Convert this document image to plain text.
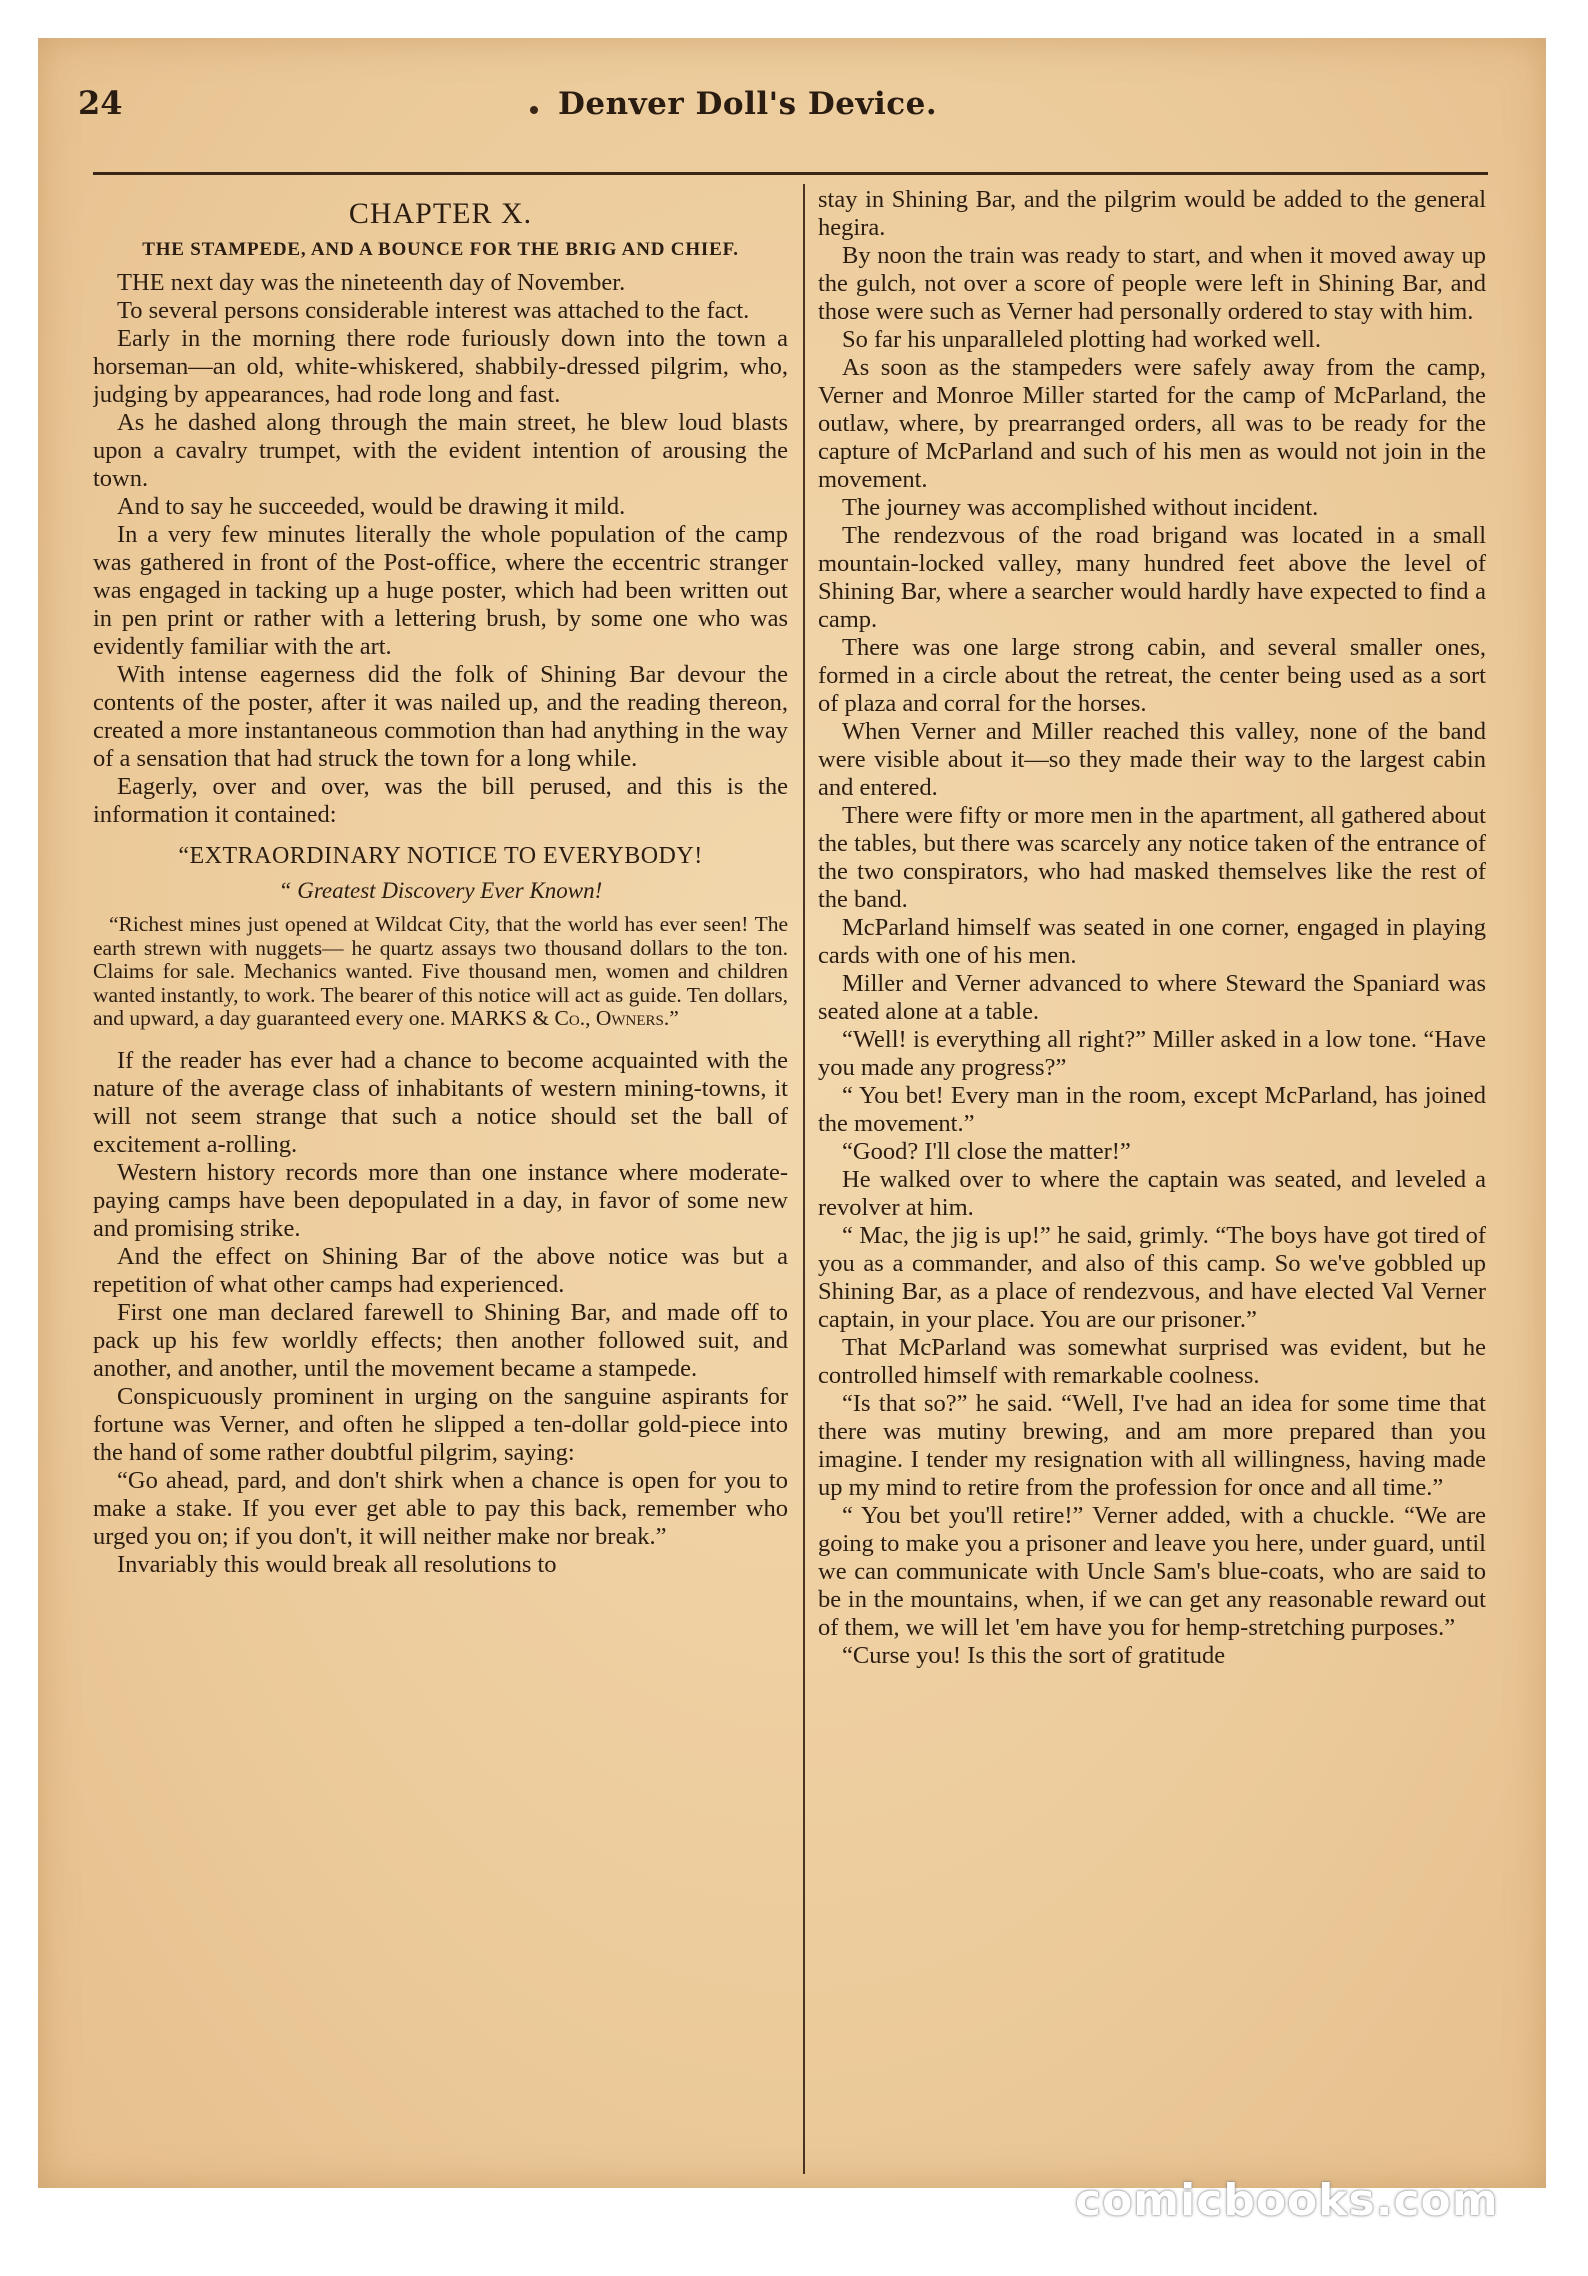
24	Denver Doll's Device.
CHAPTER X.
THE STAMPEDE, AND A BOUNCE FOR THE BRIG AND CHIEF.

THE next day was the nineteenth day of November.

To several persons considerable interest was attached to the fact.

Early in the morning there rode furiously down into the town a horseman—an old, white-whiskered, shabbily-dressed pilgrim, who, judging by appearances, had rode long and fast.

As he dashed along through the main street, he blew loud blasts upon a cavalry trumpet, with the evident intention of arousing the town.

And to say he succeeded, would be drawing it mild.

In a very few minutes literally the whole population of the camp was gathered in front of the Post-office, where the eccentric stranger was engaged in tacking up a huge poster, which had been written out in pen print or rather with a lettering brush, by some one who was evidently familiar with the art.

With intense eagerness did the folk of Shining Bar devour the contents of the poster, after it was nailed up, and the reading thereon, created a more instantaneous commotion than had anything in the way of a sensation that had struck the town for a long while.

Eagerly, over and over, was the bill perused, and this is the information it contained:

“EXTRAORDINARY NOTICE TO EVERYBODY!
“ Greatest Discovery Ever Known!

“Richest mines just opened at Wildcat City, that the world has ever seen! The earth strewn with nuggets— he quartz assays two thousand dollars to the ton. Claims for sale. Mechanics wanted. Five thousand men, women and children wanted instantly, to work. The bearer of this notice will act as guide. Ten dollars, and upward, a day guaranteed every one. MARKS & Co., Owners.”

If the reader has ever had a chance to become acquainted with the nature of the average class of inhabitants of western mining-towns, it will not seem strange that such a notice should set the ball of excitement a-rolling.

Western history records more than one instance where moderate-paying camps have been depopulated in a day, in favor of some new and promising strike.

And the effect on Shining Bar of the above notice was but a repetition of what other camps had experienced.

First one man declared farewell to Shining Bar, and made off to pack up his few worldly effects; then another followed suit, and another, and another, until the movement became a stampede.

Conspicuously prominent in urging on the sanguine aspirants for fortune was Verner, and often he slipped a ten-dollar gold-piece into the hand of some rather doubtful pilgrim, saying:

“Go ahead, pard, and don't shirk when a chance is open for you to make a stake. If you ever get able to pay this back, remember who urged you on; if you don't, it will neither make nor break.”

Invariably this would break all resolutions to

stay in Shining Bar, and the pilgrim would be added to the general hegira.

By noon the train was ready to start, and when it moved away up the gulch, not over a score of people were left in Shining Bar, and those were such as Verner had personally ordered to stay with him.

So far his unparalleled plotting had worked well.

As soon as the stampeders were safely away from the camp, Verner and Monroe Miller started for the camp of McParland, the outlaw, where, by prearranged orders, all was to be ready for the capture of McParland and such of his men as would not join in the movement.

The journey was accomplished without incident.

The rendezvous of the road brigand was located in a small mountain-locked valley, many hundred feet above the level of Shining Bar, where a searcher would hardly have expected to find a camp.

There was one large strong cabin, and several smaller ones, formed in a circle about the retreat, the center being used as a sort of plaza and corral for the horses.

When Verner and Miller reached this valley, none of the band were visible about it—so they made their way to the largest cabin and entered.

There were fifty or more men in the apartment, all gathered about the tables, but there was scarcely any notice taken of the entrance of the two conspirators, who had masked themselves like the rest of the band.

McParland himself was seated in one corner, engaged in playing cards with one of his men.

Miller and Verner advanced to where Steward the Spaniard was seated alone at a table.

“Well! is everything all right?” Miller asked in a low tone. “Have you made any progress?”

“ You bet! Every man in the room, except McParland, has joined the movement.”

“Good? I'll close the matter!”

He walked over to where the captain was seated, and leveled a revolver at him.

“ Mac, the jig is up!” he said, grimly. “The boys have got tired of you as a commander, and also of this camp. So we've gobbled up Shining Bar, as a place of rendezvous, and have elected Val Verner captain, in your place. You are our prisoner.”

That McParland was somewhat surprised was evident, but he controlled himself with remarkable coolness.

“Is that so?” he said. “Well, I've had an idea for some time that there was mutiny brewing, and am more prepared than you imagine. I tender my resignation with all willingness, having made up my mind to retire from the profession for once and all time.”

“ You bet you'll retire!” Verner added, with a chuckle. “We are going to make you a prisoner and leave you here, under guard, until we can communicate with Uncle Sam's blue-coats, who are said to be in the mountains, when, if we can get any reasonable reward out of them, we will let 'em have you for hemp-stretching purposes.”

“Curse you! Is this the sort of gratitude

comicbooks.com
